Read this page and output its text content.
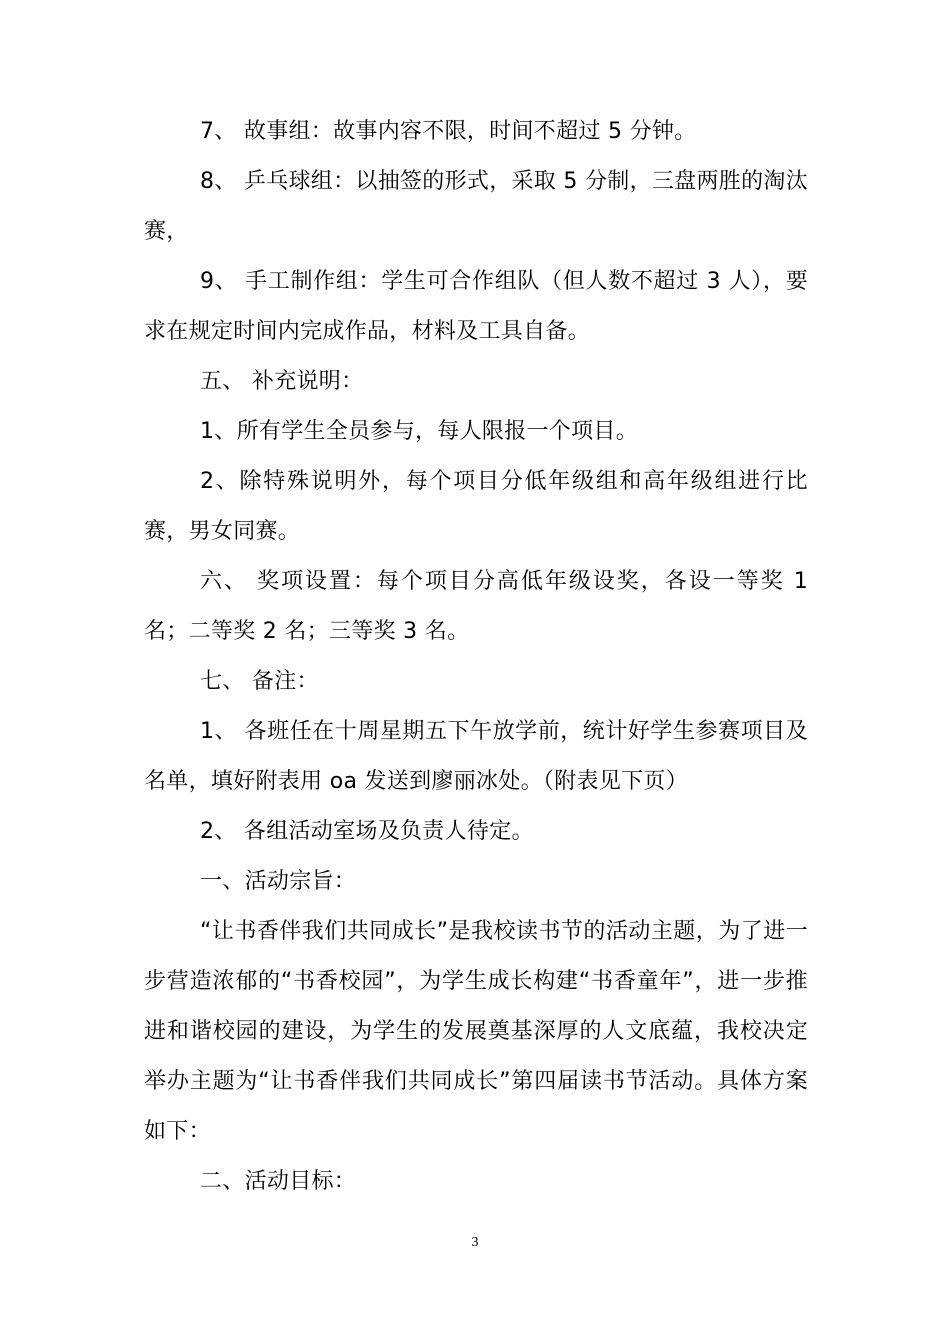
7、 故事组：故事内容不限，时间不超过 5 分钟。

8、 乒乓球组：以抽签的形式，采取 5 分制，三盘两胜的淘汰赛，

9、 手工制作组：学生可合作组队（但人数不超过 3 人），要求在规定时间内完成作品，材料及工具自备。

五、 补充说明：

1、所有学生全员参与，每人限报一个项目。

2、除特殊说明外，每个项目分低年级组和高年级组进行比赛，男女同赛。

六、 奖项设置：每个项目分高低年级设奖，各设一等奖 1 名；二等奖 2 名；三等奖 3 名。

七、 备注：

1、 各班任在十周星期五下午放学前，统计好学生参赛项目及名单，填好附表用 oa 发送到廖丽冰处。（附表见下页）

2、 各组活动室场及负责人待定。

一、活动宗旨：

“让书香伴我们共同成长”是我校读书节的活动主题，为了进一步营造浓郁的“书香校园”，为学生成长构建“书香童年”，进一步推进和谐校园的建设，为学生的发展奠基深厚的人文底蕴，我校决定举办主题为“让书香伴我们共同成长”第四届读书节活动。具体方案如下：

二、活动目标：

3
